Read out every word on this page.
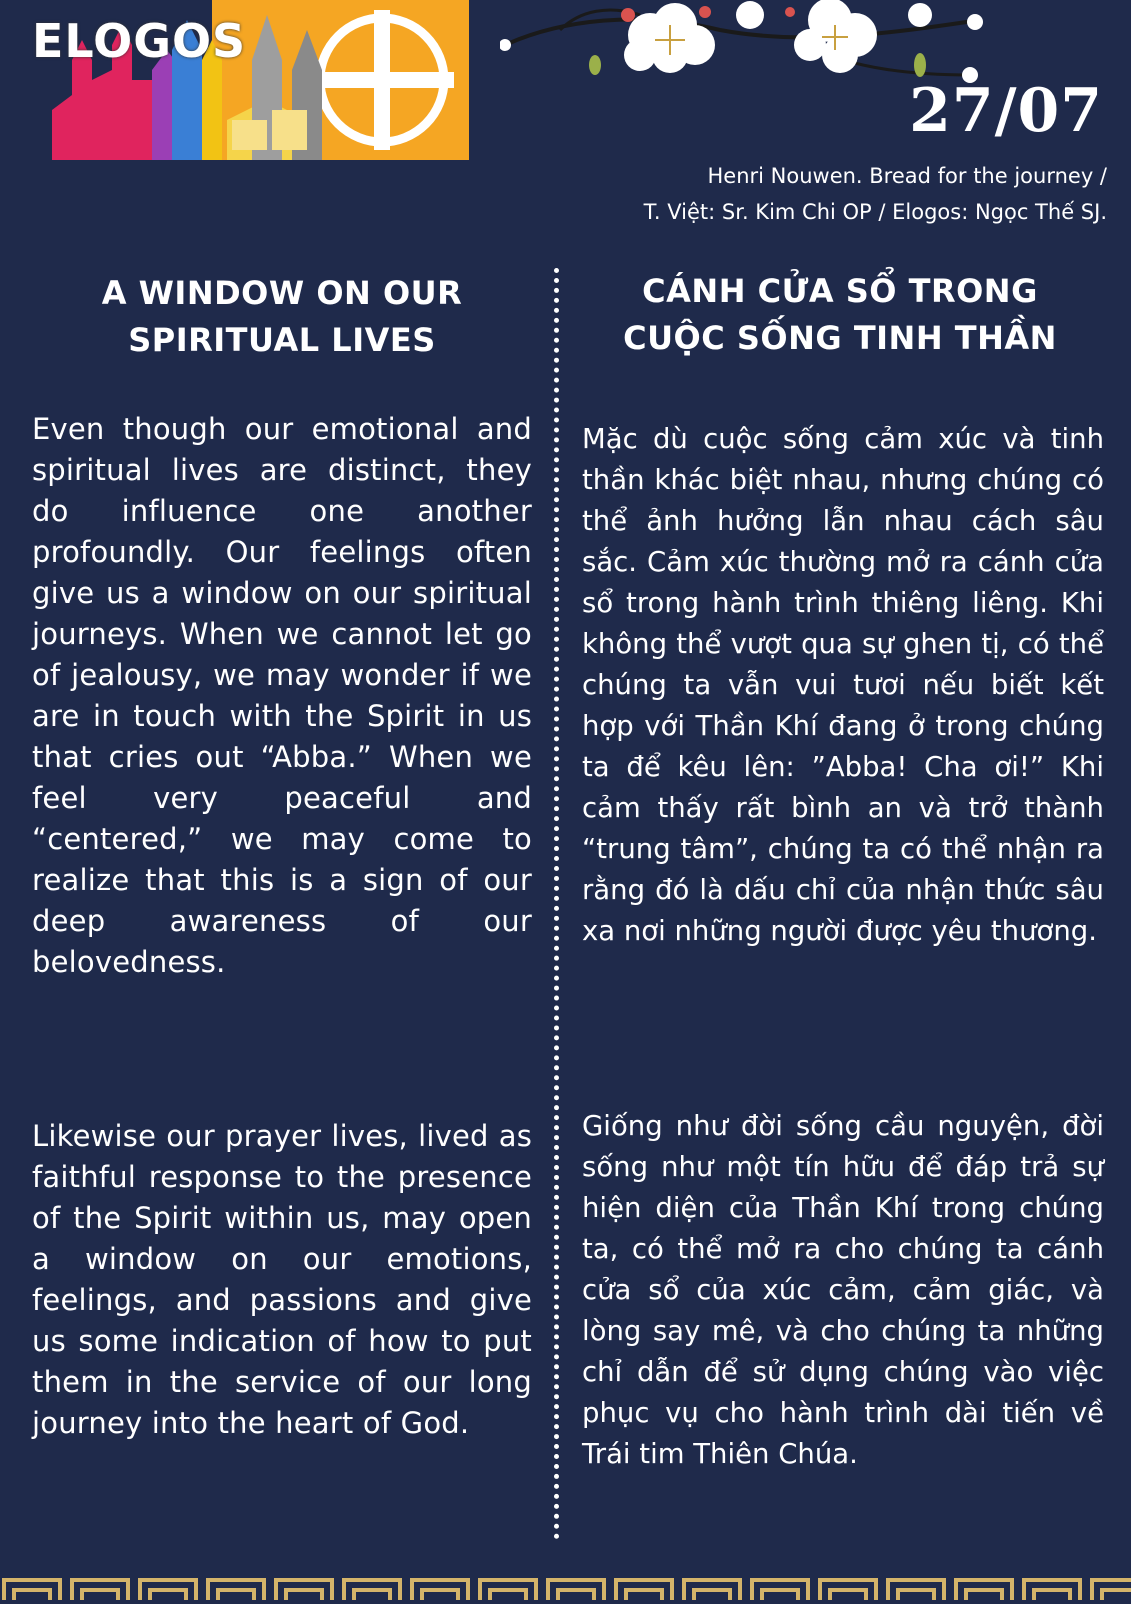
ELOGOS
27/07
Henri Nouwen. Bread for the journey /
T. Việt: Sr. Kim Chi OP / Elogos: Ngọc Thế SJ.
A WINDOW ON OUR
SPIRITUAL LIVES
CÁNH CỬA SỔ TRONG
CUỘC SỐNG TINH THẦN

Even though our emotional and spiritual lives are distinct, they do influence one another profoundly. Our feelings often give us a window on our spiritual journeys. When we cannot let go of jealousy, we may wonder if we are in touch with the Spirit in us that cries out “Abba.” When we feel very peaceful and “centered,” we may come to realize that this is a sign of our deep awareness of our belovedness.

Likewise our prayer lives, lived as faithful response to the presence of the Spirit within us, may open a window on our emotions, feelings, and passions and give us some indication of how to put them in the service of our long journey into the heart of God.

Mặc dù cuộc sống cảm xúc và tinh thần khác biệt nhau, nhưng chúng có thể ảnh hưởng lẫn nhau cách sâu sắc. Cảm xúc thường mở ra cánh cửa sổ trong hành trình thiêng liêng. Khi không thể vượt qua sự ghen tị, có thể chúng ta vẫn vui tươi nếu biết kết hợp với Thần Khí đang ở trong chúng ta để kêu lên: ”Abba! Cha ơi!” Khi cảm thấy rất bình an và trở thành “trung tâm”, chúng ta có thể nhận ra rằng đó là dấu chỉ của nhận thức sâu xa nơi những người được yêu thương.

Giống như đời sống cầu nguyện, đời sống như một tín hữu để đáp trả sự hiện diện của Thần Khí trong chúng ta, có thể mở ra cho chúng ta cánh cửa sổ của xúc cảm, cảm giác, và lòng say mê, và cho chúng ta những chỉ dẫn để sử dụng chúng vào việc phục vụ cho hành trình dài tiến về Trái tim Thiên Chúa.
